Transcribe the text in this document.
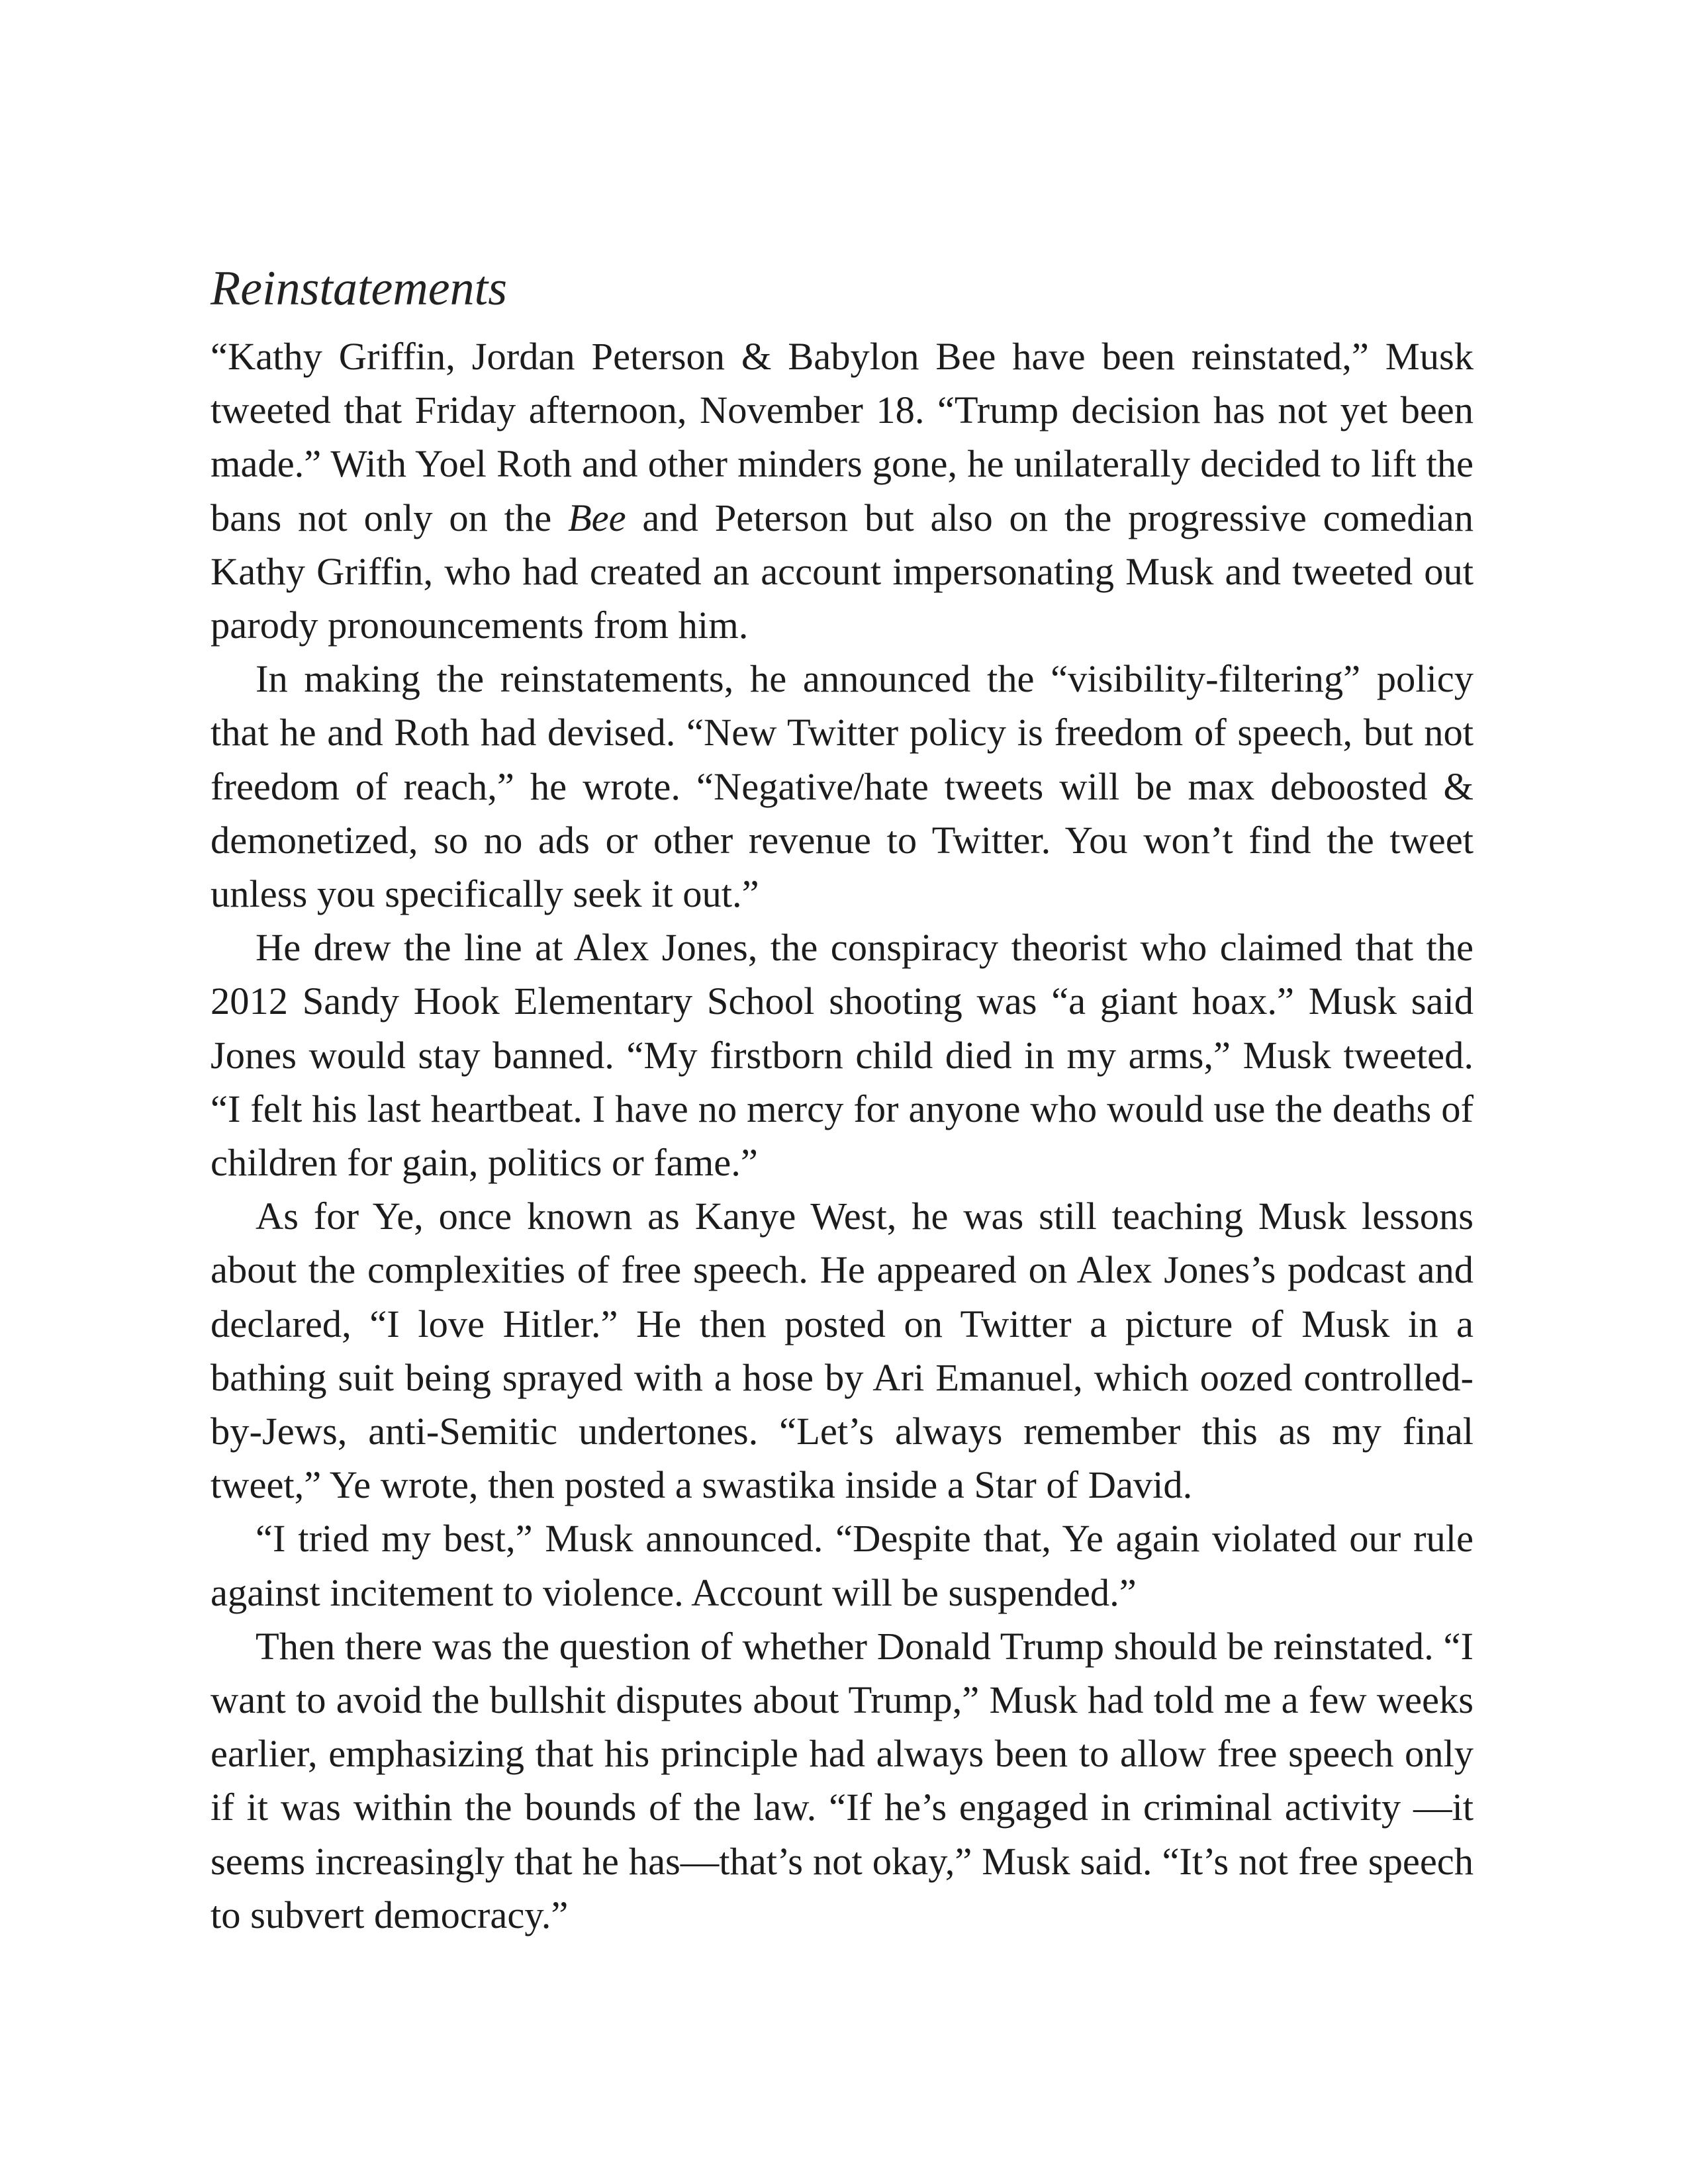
Reinstatements

“Kathy Griffin, Jordan Peterson & Babylon Bee have been reinstated,” Musk tweeted that Friday afternoon, November 18. “Trump decision has not yet been made.” With Yoel Roth and other minders gone, he unilaterally decided to lift the bans not only on the Bee and Peterson but also on the progressive comedian Kathy Griffin, who had created an account impersonating Musk and tweeted out parody pronouncements from him.

In making the reinstatements, he announced the “visibility-filtering” policy that he and Roth had devised. “New Twitter policy is freedom of speech, but not freedom of reach,” he wrote. “Negative/hate tweets will be max deboosted & demonetized, so no ads or other revenue to Twitter. You won’t find the tweet unless you specifically seek it out.”

He drew the line at Alex Jones, the conspiracy theorist who claimed that the 2012 Sandy Hook Elementary School shooting was “a giant hoax.” Musk said Jones would stay banned. “My firstborn child died in my arms,” Musk tweeted. “I felt his last heartbeat. I have no mercy for anyone who would use the deaths of children for gain, politics or fame.”

As for Ye, once known as Kanye West, he was still teaching Musk lessons about the complexities of free speech. He appeared on Alex Jones’s podcast and declared, “I love Hitler.” He then posted on Twitter a picture of Musk in a bathing suit being sprayed with a hose by Ari Emanuel, which oozed controlled-by-Jews, anti-Semitic undertones. “Let’s always remember this as my final tweet,” Ye wrote, then posted a swastika inside a Star of David.

“I tried my best,” Musk announced. “Despite that, Ye again violated our rule against incitement to violence. Account will be suspended.”

Then there was the question of whether Donald Trump should be reinstated. “I want to avoid the bullshit disputes about Trump,” Musk had told me a few weeks earlier, emphasizing that his principle had always been to allow free speech only if it was within the bounds of the law. “If he’s engaged in criminal activity —it seems increasingly that he has—that’s not okay,” Musk said. “It’s not free speech to subvert democracy.”
